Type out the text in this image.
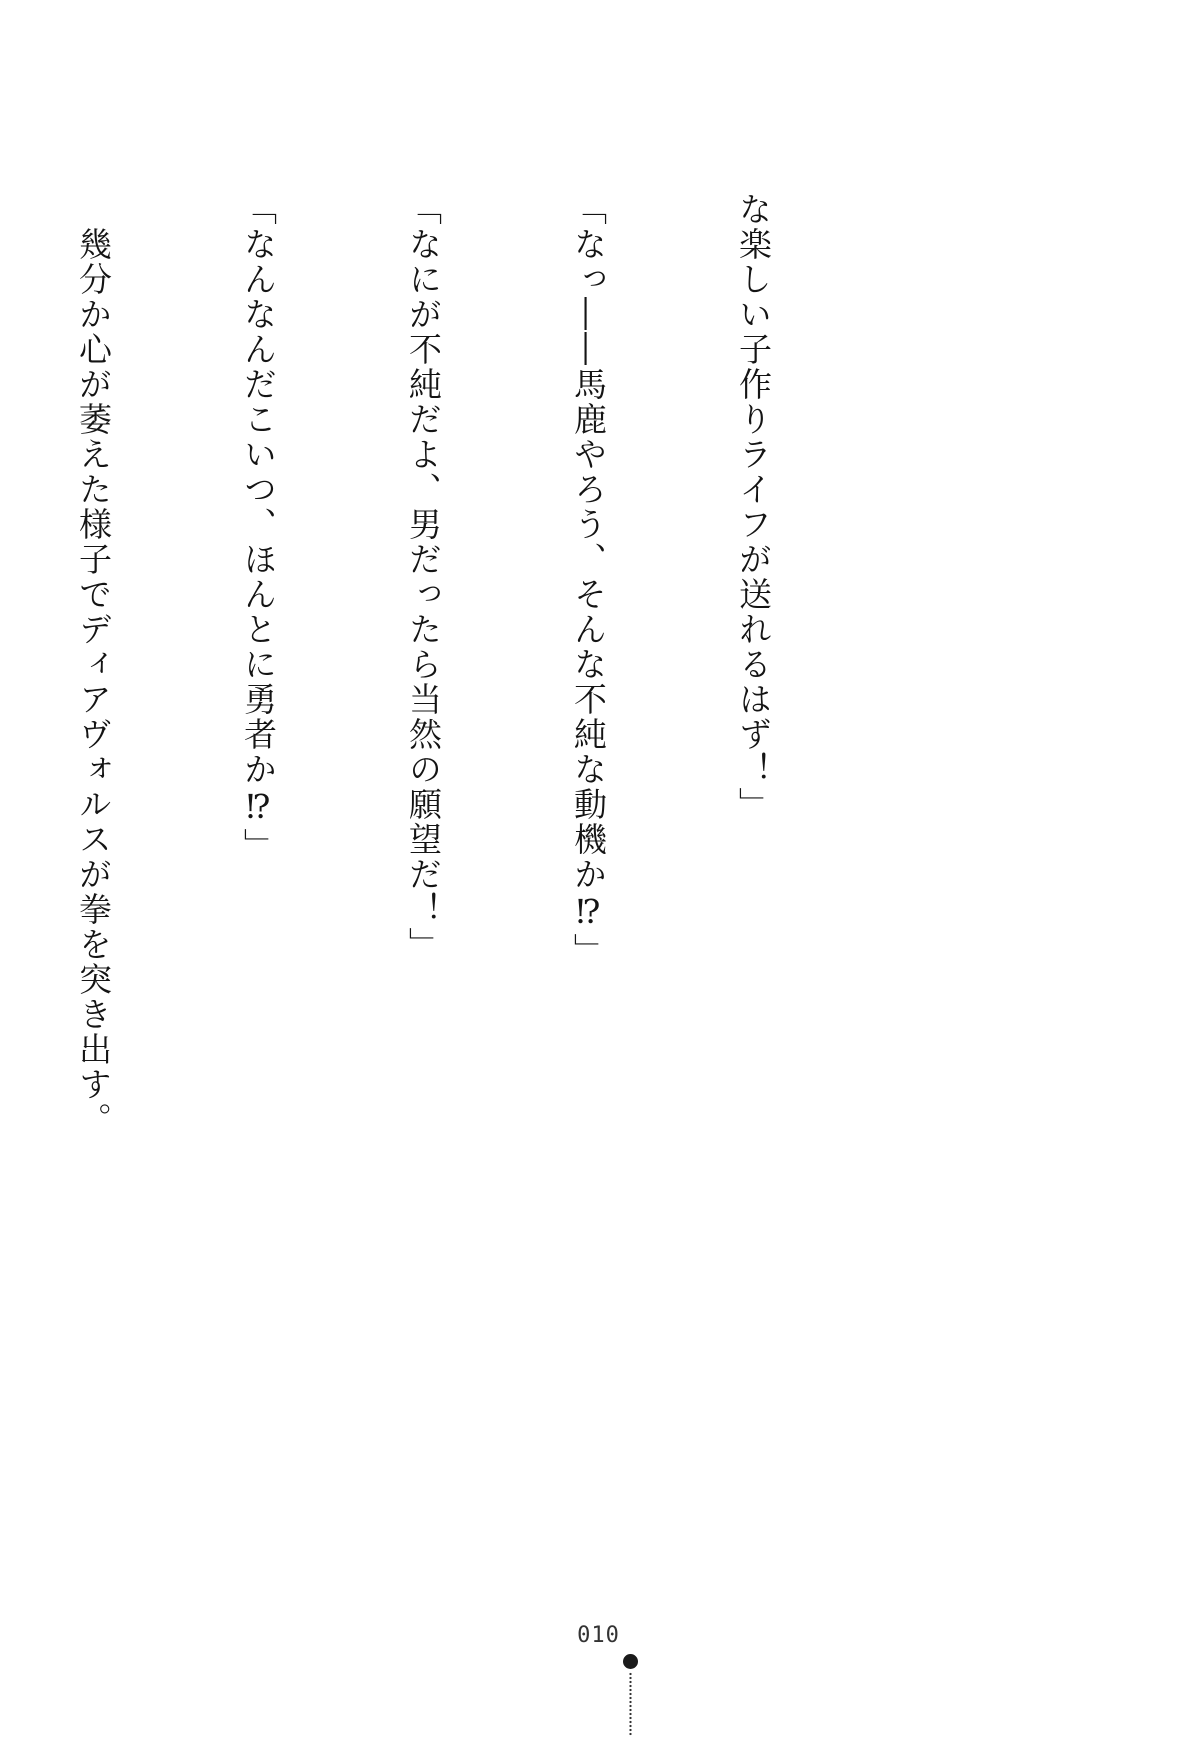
な楽しい子作りライフが送れるはず！」

「なっ――馬鹿やろう、そんな不純な動機か⁉」

「なにが不純だよ、男だったら当然の願望だ！」

「なんなんだこいつ、ほんとに勇者か⁉」

　幾分か心が萎えた様子でディアヴォルスが拳を突き出す。

010
